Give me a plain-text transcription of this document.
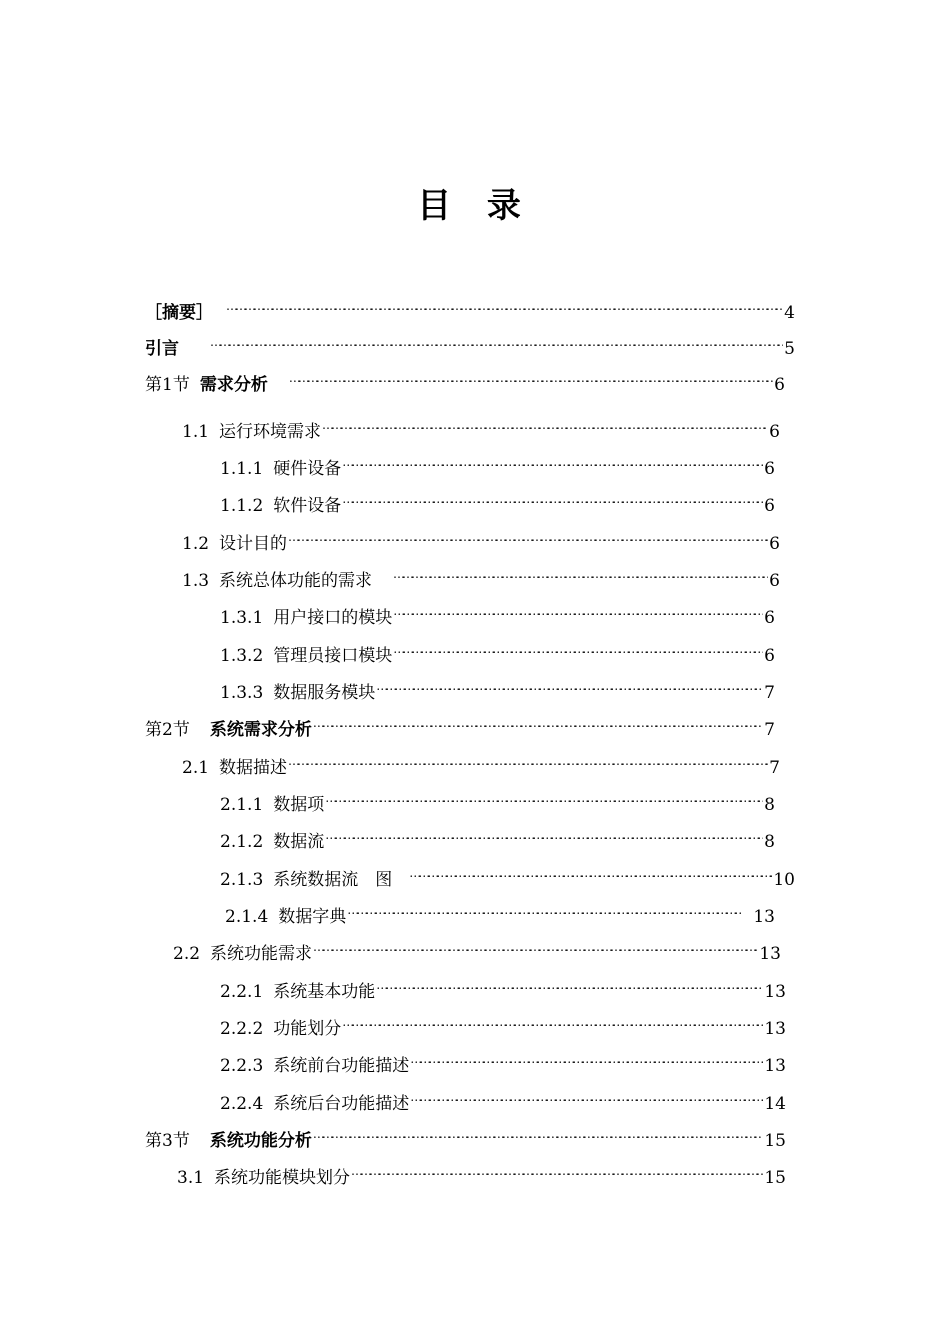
目 录
［摘要］ …………………………………………………………………………………………………………………………………………………………………………………………………………	4
引言 …………………………………………………………………………………………………………………………………………………………………………………………………………	5
第1节 需求分析 …………………………………………………………………………………………………………………………………………………………………………………………………………	6
1.1 运行环境需求 …………………………………………………………………………………………………………………………………………………………………………………………………………	6
1.1.1 硬件设备 …………………………………………………………………………………………………………………………………………………………………………………………………………	6
1.1.2 软件设备 …………………………………………………………………………………………………………………………………………………………………………………………………………	6
1.2 设计目的 …………………………………………………………………………………………………………………………………………………………………………………………………………	6
1.3 系统总体功能的需求 …………………………………………………………………………………………………………………………………………………………………………………………………………	6
1.3.1 用户接口的模块 …………………………………………………………………………………………………………………………………………………………………………………………………………	6
1.3.2 管理员接口模块 …………………………………………………………………………………………………………………………………………………………………………………………………………	6
1.3.3 数据服务模块 …………………………………………………………………………………………………………………………………………………………………………………………………………	7
第2节 系统需求分析 …………………………………………………………………………………………………………………………………………………………………………………………………………	7
2.1 数据描述 …………………………………………………………………………………………………………………………………………………………………………………………………………	7
2.1.1 数据项 …………………………………………………………………………………………………………………………………………………………………………………………………………	8
2.1.2 数据流 …………………………………………………………………………………………………………………………………………………………………………………………………………	8
2.1.3 系统数据流　图 …………………………………………………………………………………………………………………………………………………………………………………………………………	10
2.1.4 数据字典 …………………………………………………………………………………………………………………………………………………………………………………………………………	13
2.2 系统功能需求 …………………………………………………………………………………………………………………………………………………………………………………………………………	13
2.2.1 系统基本功能 …………………………………………………………………………………………………………………………………………………………………………………………………………	13
2.2.2 功能划分 …………………………………………………………………………………………………………………………………………………………………………………………………………	13
2.2.3 系统前台功能描述 …………………………………………………………………………………………………………………………………………………………………………………………………………	13
2.2.4 系统后台功能描述 …………………………………………………………………………………………………………………………………………………………………………………………………………	14
第3节 系统功能分析 …………………………………………………………………………………………………………………………………………………………………………………………………………	15
3.1 系统功能模块划分 …………………………………………………………………………………………………………………………………………………………………………………………………………	15
